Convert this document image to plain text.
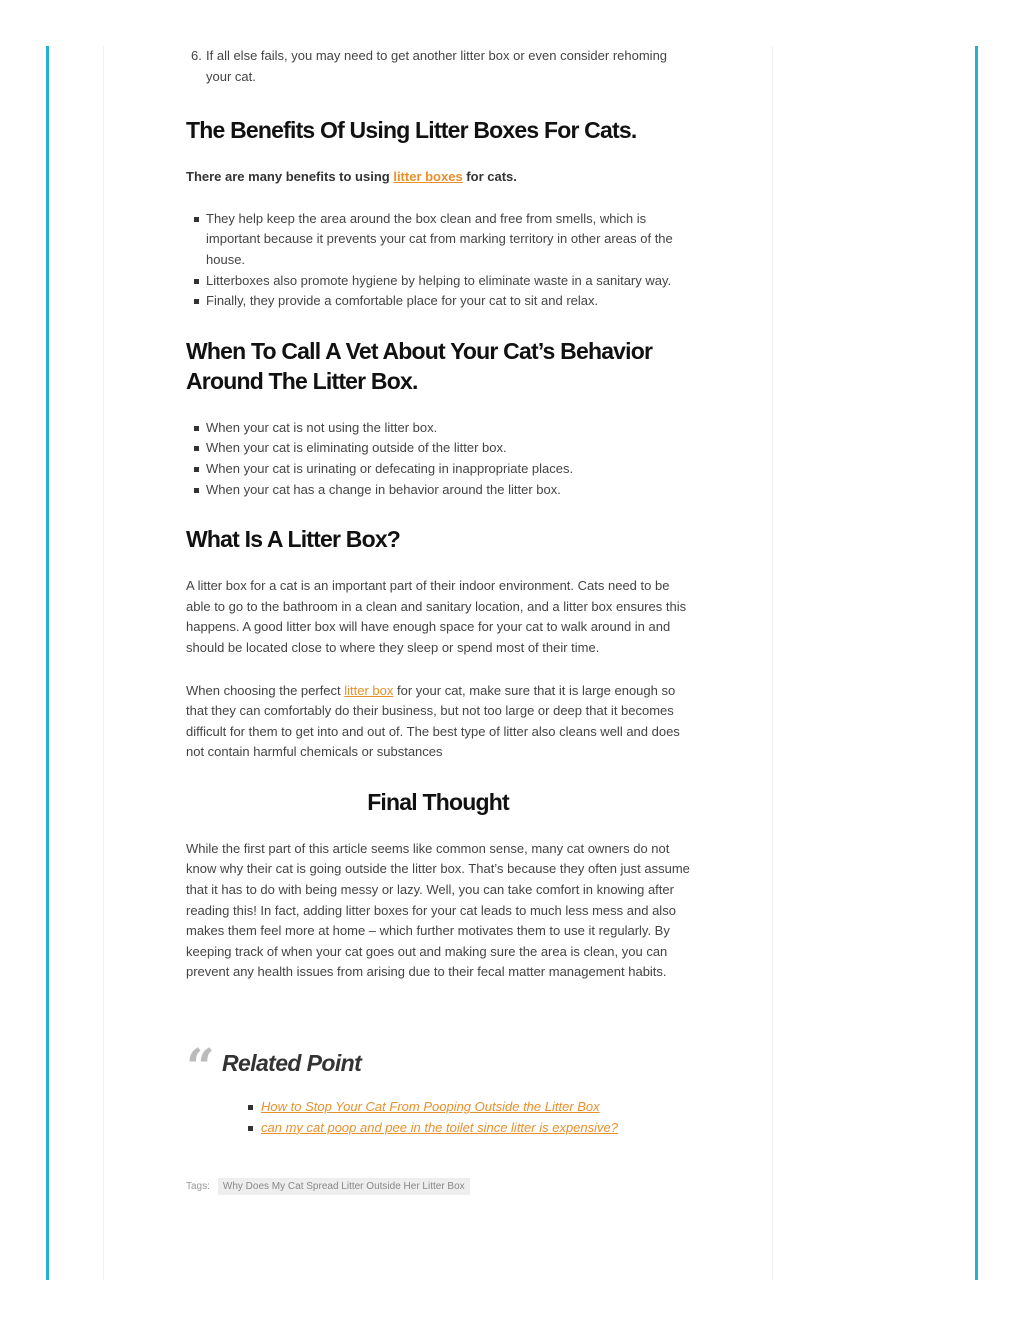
6. If all else fails, you may need to get another litter box or even consider rehoming your cat.
The Benefits Of Using Litter Boxes For Cats.

There are many benefits to using litter boxes for cats.

They help keep the area around the box clean and free from smells, which is important because it prevents your cat from marking territory in other areas of the house.
Litterboxes also promote hygiene by helping to eliminate waste in a sanitary way.
Finally, they provide a comfortable place for your cat to sit and relax.
When To Call A Vet About Your Cat’s Behavior Around The Litter Box.
When your cat is not using the litter box.
When your cat is eliminating outside of the litter box.
When your cat is urinating or defecating in inappropriate places.
When your cat has a change in behavior around the litter box.
What Is A Litter Box?

A litter box for a cat is an important part of their indoor environment. Cats need to be able to go to the bathroom in a clean and sanitary location, and a litter box ensures this happens. A good litter box will have enough space for your cat to walk around in and should be located close to where they sleep or spend most of their time.

When choosing the perfect litter box for your cat, make sure that it is large enough so that they can comfortably do their business, but not too large or deep that it becomes difficult for them to get into and out of. The best type of litter also cleans well and does not contain harmful chemicals or substances

Final Thought

While the first part of this article seems like common sense, many cat owners do not know why their cat is going outside the litter box. That’s because they often just assume that it has to do with being messy or lazy. Well, you can take comfort in knowing after reading this! In fact, adding litter boxes for your cat leads to much less mess and also makes them feel more at home – which further motivates them to use it regularly. By keeping track of when your cat goes out and making sure the area is clean, you can prevent any health issues from arising due to their fecal matter management habits.

“ Related Point
How to Stop Your Cat From Pooping Outside the Litter Box
can my cat poop and pee in the toilet since litter is expensive?
Tags:	Why Does My Cat Spread Litter Outside Her Litter Box
